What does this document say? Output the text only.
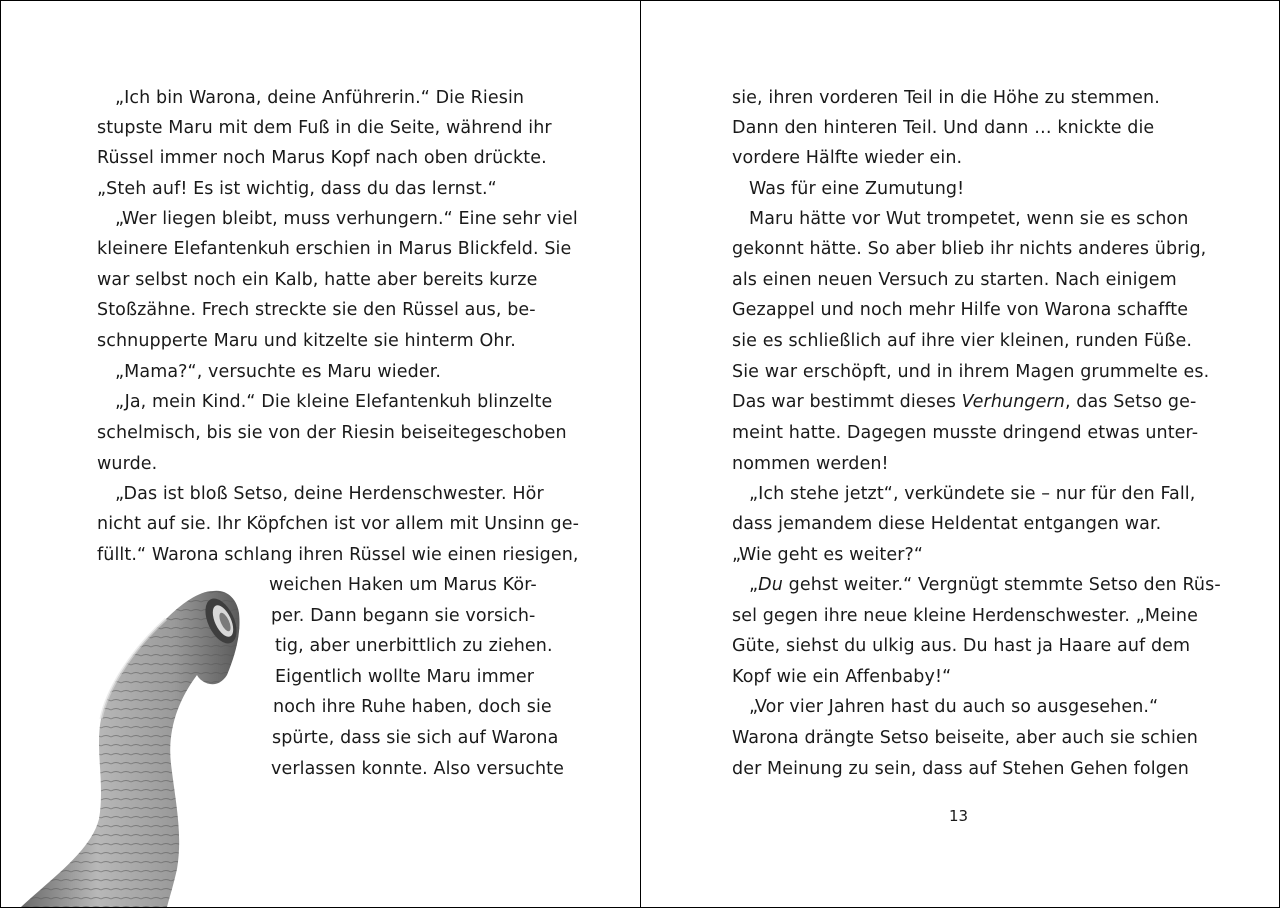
„Ich bin Warona, deine Anführerin.“ Die Riesin

stupste Maru mit dem Fuß in die Seite, während ihr

Rüssel immer noch Marus Kopf nach oben drückte.

„Steh auf! Es ist wichtig, dass du das lernst.“

„Wer liegen bleibt, muss verhungern.“ Eine sehr viel

kleinere Elefantenkuh erschien in Marus Blickfeld. Sie

war selbst noch ein Kalb, hatte aber bereits kurze

Stoßzähne. Frech streckte sie den Rüssel aus, be-

schnupperte Maru und kitzelte sie hinterm Ohr.

„Mama?“, versuchte es Maru wieder.

„Ja, mein Kind.“ Die kleine Elefantenkuh blinzelte

schelmisch, bis sie von der Riesin beiseitegeschoben

wurde.

„Das ist bloß Setso, deine Herdenschwester. Hör

nicht auf sie. Ihr Köpfchen ist vor allem mit Unsinn ge-

füllt.“ Warona schlang ihren Rüssel wie einen riesigen,

weichen Haken um Marus Kör-

per. Dann begann sie vorsich-

tig, aber unerbittlich zu ziehen.

Eigentlich wollte Maru immer

noch ihre Ruhe haben, doch sie

spürte, dass sie sich auf Warona

verlassen konnte. Also versuchte

sie, ihren vorderen Teil in die Höhe zu stemmen.

Dann den hinteren Teil. Und dann … knickte die

vordere Hälfte wieder ein.

Was für eine Zumutung!

Maru hätte vor Wut trompetet, wenn sie es schon

gekonnt hätte. So aber blieb ihr nichts anderes übrig,

als einen neuen Versuch zu starten. Nach einigem

Gezappel und noch mehr Hilfe von Warona schaffte

sie es schließlich auf ihre vier kleinen, runden Füße.

Sie war erschöpft, und in ihrem Magen grummelte es.

Das war bestimmt dieses Verhungern, das Setso ge-

meint hatte. Dagegen musste dringend etwas unter-

nommen werden!

„Ich stehe jetzt“, verkündete sie – nur für den Fall,

dass jemandem diese Heldentat entgangen war.

„Wie geht es weiter?“

„Du gehst weiter.“ Vergnügt stemmte Setso den Rüs-

sel gegen ihre neue kleine Herdenschwester. „Meine

Güte, siehst du ulkig aus. Du hast ja Haare auf dem

Kopf wie ein Affenbaby!“

„Vor vier Jahren hast du auch so ausgesehen.“

Warona drängte Setso beiseite, aber auch sie schien

der Meinung zu sein, dass auf Stehen Gehen folgen

13
